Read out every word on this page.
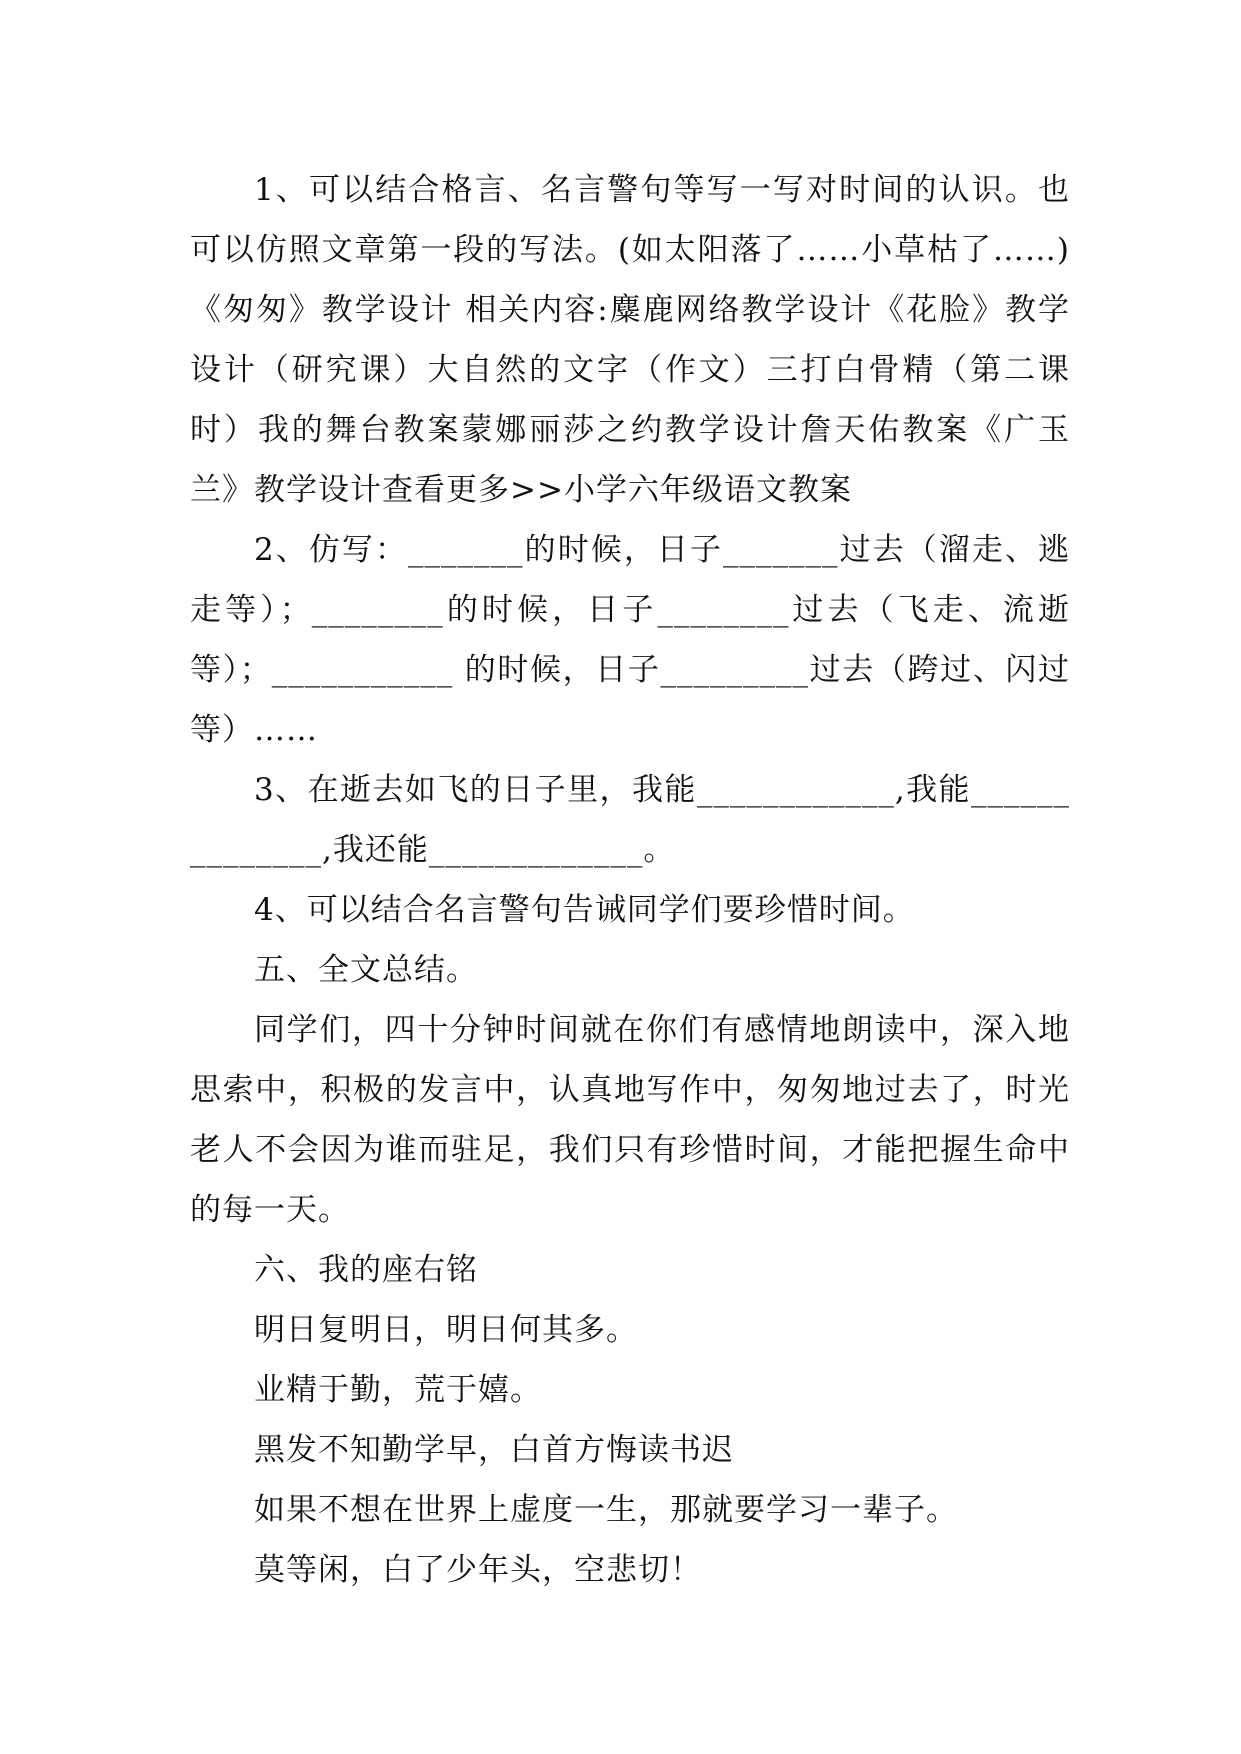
1、可以结合格言、名言警句等写一写对时间的认识。也可以仿照文章第一段的写法。(如太阳落了……小草枯了……)《匆匆》教学设计 相关内容:麋鹿网络教学设计《花脸》教学设计（研究课）大自然的文字（作文）三打白骨精（第二课时）我的舞台教案蒙娜丽莎之约教学设计詹天佑教案《广玉兰》教学设计查看更多>>小学六年级语文教案

2、仿写：_______的时候，日子_______过去（溜走、逃走等）；________的时候，日子________过去（飞走、流逝等）；___________ 的时候，日子_________过去（跨过、闪过等）……

3、在逝去如飞的日子里，我能____________,我能______________,我还能_____________。

4、可以结合名言警句告诫同学们要珍惜时间。

五、全文总结。

同学们，四十分钟时间就在你们有感情地朗读中，深入地思索中，积极的发言中，认真地写作中，匆匆地过去了，时光老人不会因为谁而驻足，我们只有珍惜时间，才能把握生命中的每一天。

六、我的座右铭

明日复明日，明日何其多。

业精于勤，荒于嬉。

黑发不知勤学早，白首方悔读书迟

如果不想在世界上虚度一生，那就要学习一辈子。

莫等闲，白了少年头，空悲切！
